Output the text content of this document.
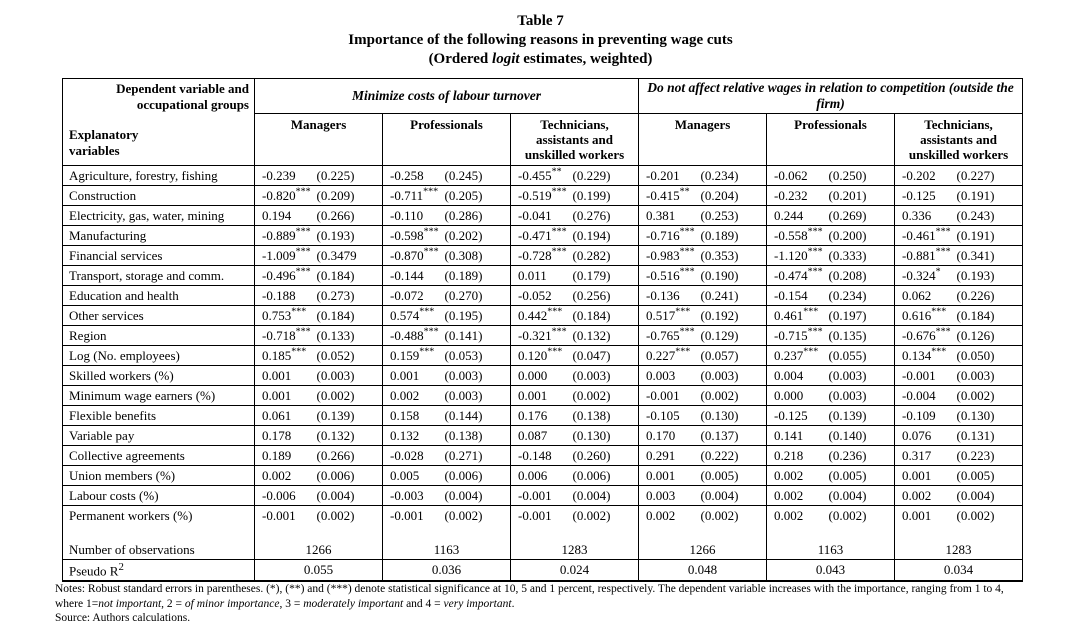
Table 7
Importance of the following reasons in preventing wage cuts
(Ordered logit estimates, weighted)
Dependent variable and occupational groups
Explanatory variables	Minimize costs of labour turnover						Do not affect relative wages in relation to competition (outside the firm)					
	Managers		Professionals		Technicians, assistants and unskilled workers		Managers		Professionals		Technicians, assistants and unskilled workers	
Agriculture, forestry, fishing	-0.239	(0.225)	-0.258	(0.245)	-0.455**	(0.229)	-0.201	(0.234)	-0.062	(0.250)	-0.202	(0.227)
Construction	-0.820***	(0.209)	-0.711***	(0.205)	-0.519***	(0.199)	-0.415**	(0.204)	-0.232	(0.201)	-0.125	(0.191)
Electricity, gas, water, mining	0.194	(0.266)	-0.110	(0.286)	-0.041	(0.276)	0.381	(0.253)	0.244	(0.269)	0.336	(0.243)
Manufacturing	-0.889***	(0.193)	-0.598***	(0.202)	-0.471***	(0.194)	-0.716***	(0.189)	-0.558***	(0.200)	-0.461***	(0.191)
Financial services	-1.009***	(0.3479	-0.870***	(0.308)	-0.728***	(0.282)	-0.983***	(0.353)	-1.120***	(0.333)	-0.881***	(0.341)
Transport, storage and comm.	-0.496***	(0.184)	-0.144	(0.189)	0.011	(0.179)	-0.516***	(0.190)	-0.474***	(0.208)	-0.324*	(0.193)
Education and health	-0.188	(0.273)	-0.072	(0.270)	-0.052	(0.256)	-0.136	(0.241)	-0.154	(0.234)	0.062	(0.226)
Other services	0.753***	(0.184)	0.574***	(0.195)	0.442***	(0.184)	0.517***	(0.192)	0.461***	(0.197)	0.616***	(0.184)
Region	-0.718***	(0.133)	-0.488***	(0.141)	-0.321***	(0.132)	-0.765***	(0.129)	-0.715***	(0.135)	-0.676***	(0.126)
Log (No. employees)	0.185***	(0.052)	0.159***	(0.053)	0.120***	(0.047)	0.227***	(0.057)	0.237***	(0.055)	0.134***	(0.050)
Skilled workers (%)	0.001	(0.003)	0.001	(0.003)	0.000	(0.003)	0.003	(0.003)	0.004	(0.003)	-0.001	(0.003)
Minimum wage earners (%)	0.001	(0.002)	0.002	(0.003)	0.001	(0.002)	-0.001	(0.002)	0.000	(0.003)	-0.004	(0.002)
Flexible benefits	0.061	(0.139)	0.158	(0.144)	0.176	(0.138)	-0.105	(0.130)	-0.125	(0.139)	-0.109	(0.130)
Variable pay	0.178	(0.132)	0.132	(0.138)	0.087	(0.130)	0.170	(0.137)	0.141	(0.140)	0.076	(0.131)
Collective agreements	0.189	(0.266)	-0.028	(0.271)	-0.148	(0.260)	0.291	(0.222)	0.218	(0.236)	0.317	(0.223)
Union members (%)	0.002	(0.006)	0.005	(0.006)	0.006	(0.006)	0.001	(0.005)	0.002	(0.005)	0.001	(0.005)
Labour costs (%)	-0.006	(0.004)	-0.003	(0.004)	-0.001	(0.004)	0.003	(0.004)	0.002	(0.004)	0.002	(0.004)
Permanent workers (%)	-0.001	(0.002)	-0.001	(0.002)	-0.001	(0.002)	0.002	(0.002)	0.002	(0.002)	0.001	(0.002)

Number of observations	1266		1163		1283		1266		1163		1283	
Pseudo $R^2$	0.055		0.036		0.024		0.048		0.043		0.034	
Notes: Robust standard errors in parentheses. (*), (**) and (***) denote statistical significance at 10, 5 and 1 percent, respectively. The dependent variable increases with the importance, ranging from 1 to 4, where 1=not important, 2 = of minor importance, 3 = moderately important and 4 = very important.
Source: Authors calculations.
